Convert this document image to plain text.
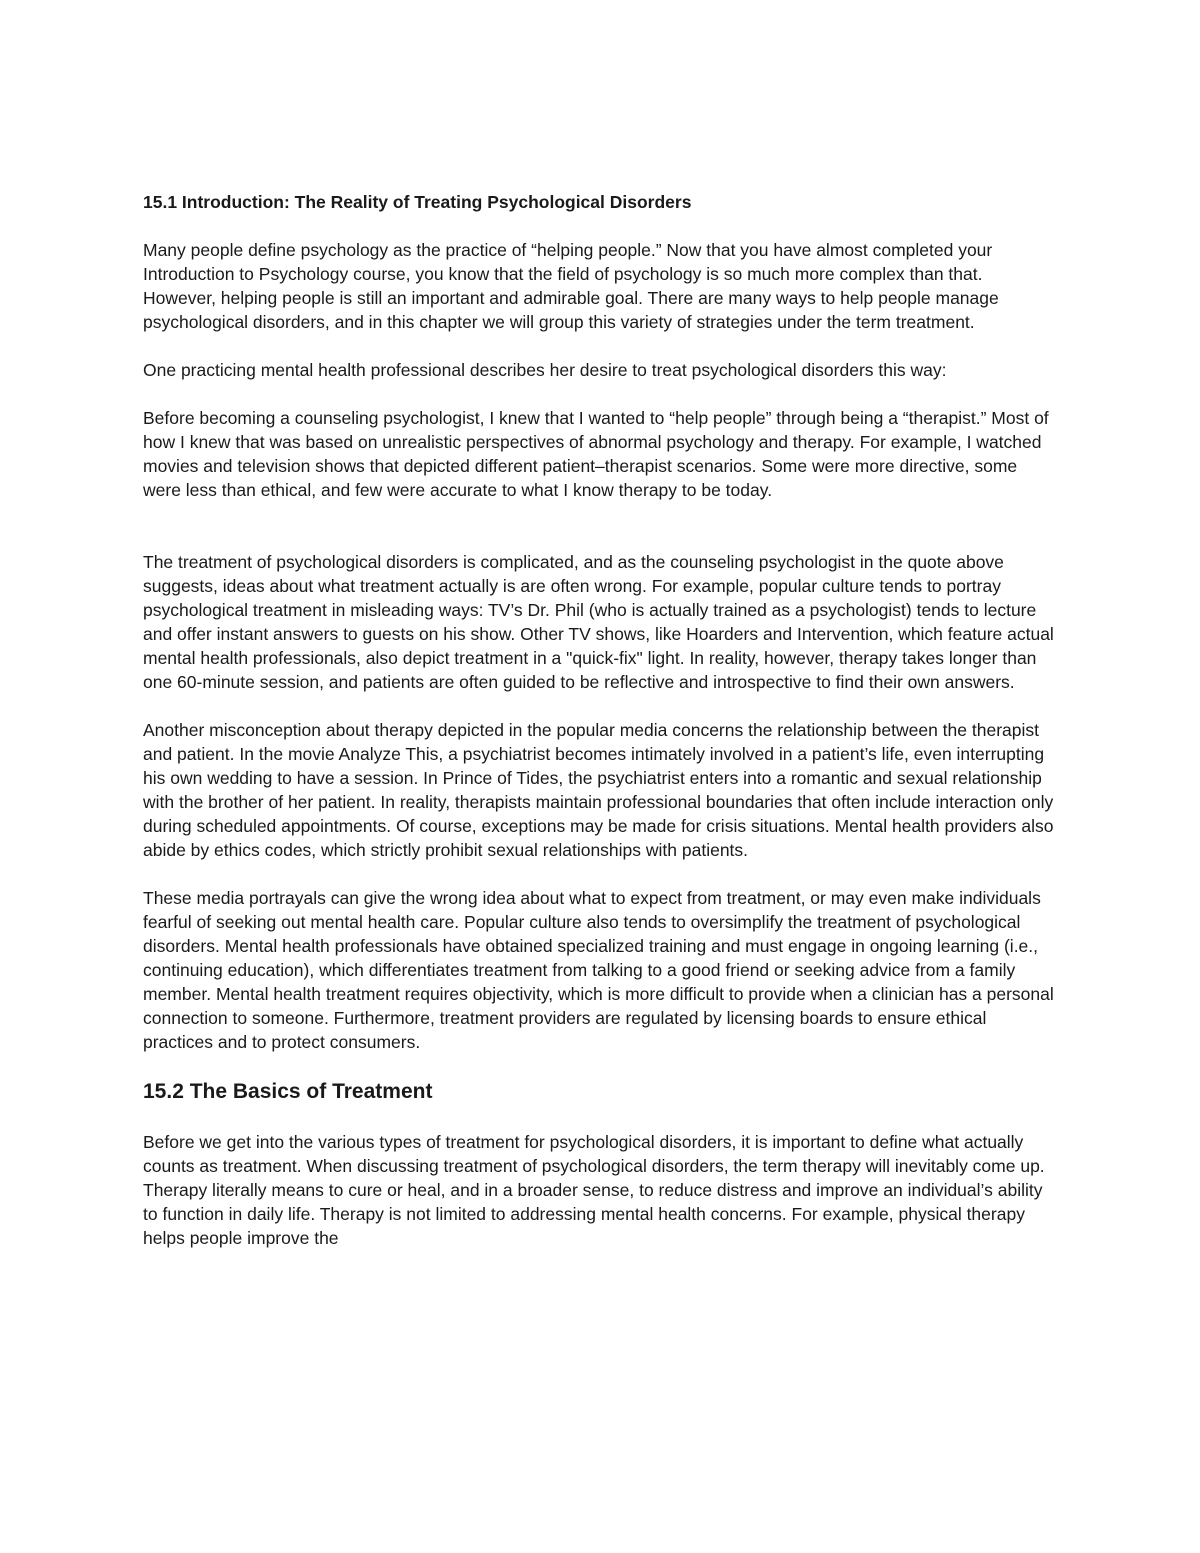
15.1 Introduction: The Reality of Treating Psychological Disorders

Many people define psychology as the practice of “helping people.” Now that you have almost completed your Introduction to Psychology course, you know that the field of psychology is so much more complex than that. However, helping people is still an important and admirable goal. There are many ways to help people manage psychological disorders, and in this chapter we will group this variety of strategies under the term treatment.

One practicing mental health professional describes her desire to treat psychological disorders this way:

Before becoming a counseling psychologist, I knew that I wanted to “help people” through being a “therapist.” Most of how I knew that was based on unrealistic perspectives of abnormal psychology and therapy. For example, I watched movies and television shows that depicted different patient–therapist scenarios. Some were more directive, some were less than ethical, and few were accurate to what I know therapy to be today.

The treatment of psychological disorders is complicated, and as the counseling psychologist in the quote above suggests, ideas about what treatment actually is are often wrong. For example, popular culture tends to portray psychological treatment in misleading ways: TV’s Dr. Phil (who is actually trained as a psychologist) tends to lecture and offer instant answers to guests on his show. Other TV shows, like Hoarders and Intervention, which feature actual mental health professionals, also depict treatment in a "quick-fix" light. In reality, however, therapy takes longer than one 60-minute session, and patients are often guided to be reflective and introspective to find their own answers.

Another misconception about therapy depicted in the popular media concerns the relationship between the therapist and patient. In the movie Analyze This, a psychiatrist becomes intimately involved in a patient’s life, even interrupting his own wedding to have a session. In Prince of Tides, the psychiatrist enters into a romantic and sexual relationship with the brother of her patient. In reality, therapists maintain professional boundaries that often include interaction only during scheduled appointments. Of course, exceptions may be made for crisis situations. Mental health providers also abide by ethics codes, which strictly prohibit sexual relationships with patients.

These media portrayals can give the wrong idea about what to expect from treatment, or may even make individuals fearful of seeking out mental health care. Popular culture also tends to oversimplify the treatment of psychological disorders. Mental health professionals have obtained specialized training and must engage in ongoing learning (i.e., continuing education), which differentiates treatment from talking to a good friend or seeking advice from a family member. Mental health treatment requires objectivity, which is more difficult to provide when a clinician has a personal connection to someone. Furthermore, treatment providers are regulated by licensing boards to ensure ethical practices and to protect consumers.

15.2 The Basics of Treatment

Before we get into the various types of treatment for psychological disorders, it is important to define what actually counts as treatment. When discussing treatment of psychological disorders, the term therapy will inevitably come up. Therapy literally means to cure or heal, and in a broader sense, to reduce distress and improve an individual’s ability to function in daily life. Therapy is not limited to addressing mental health concerns. For example, physical therapy helps people improve the
